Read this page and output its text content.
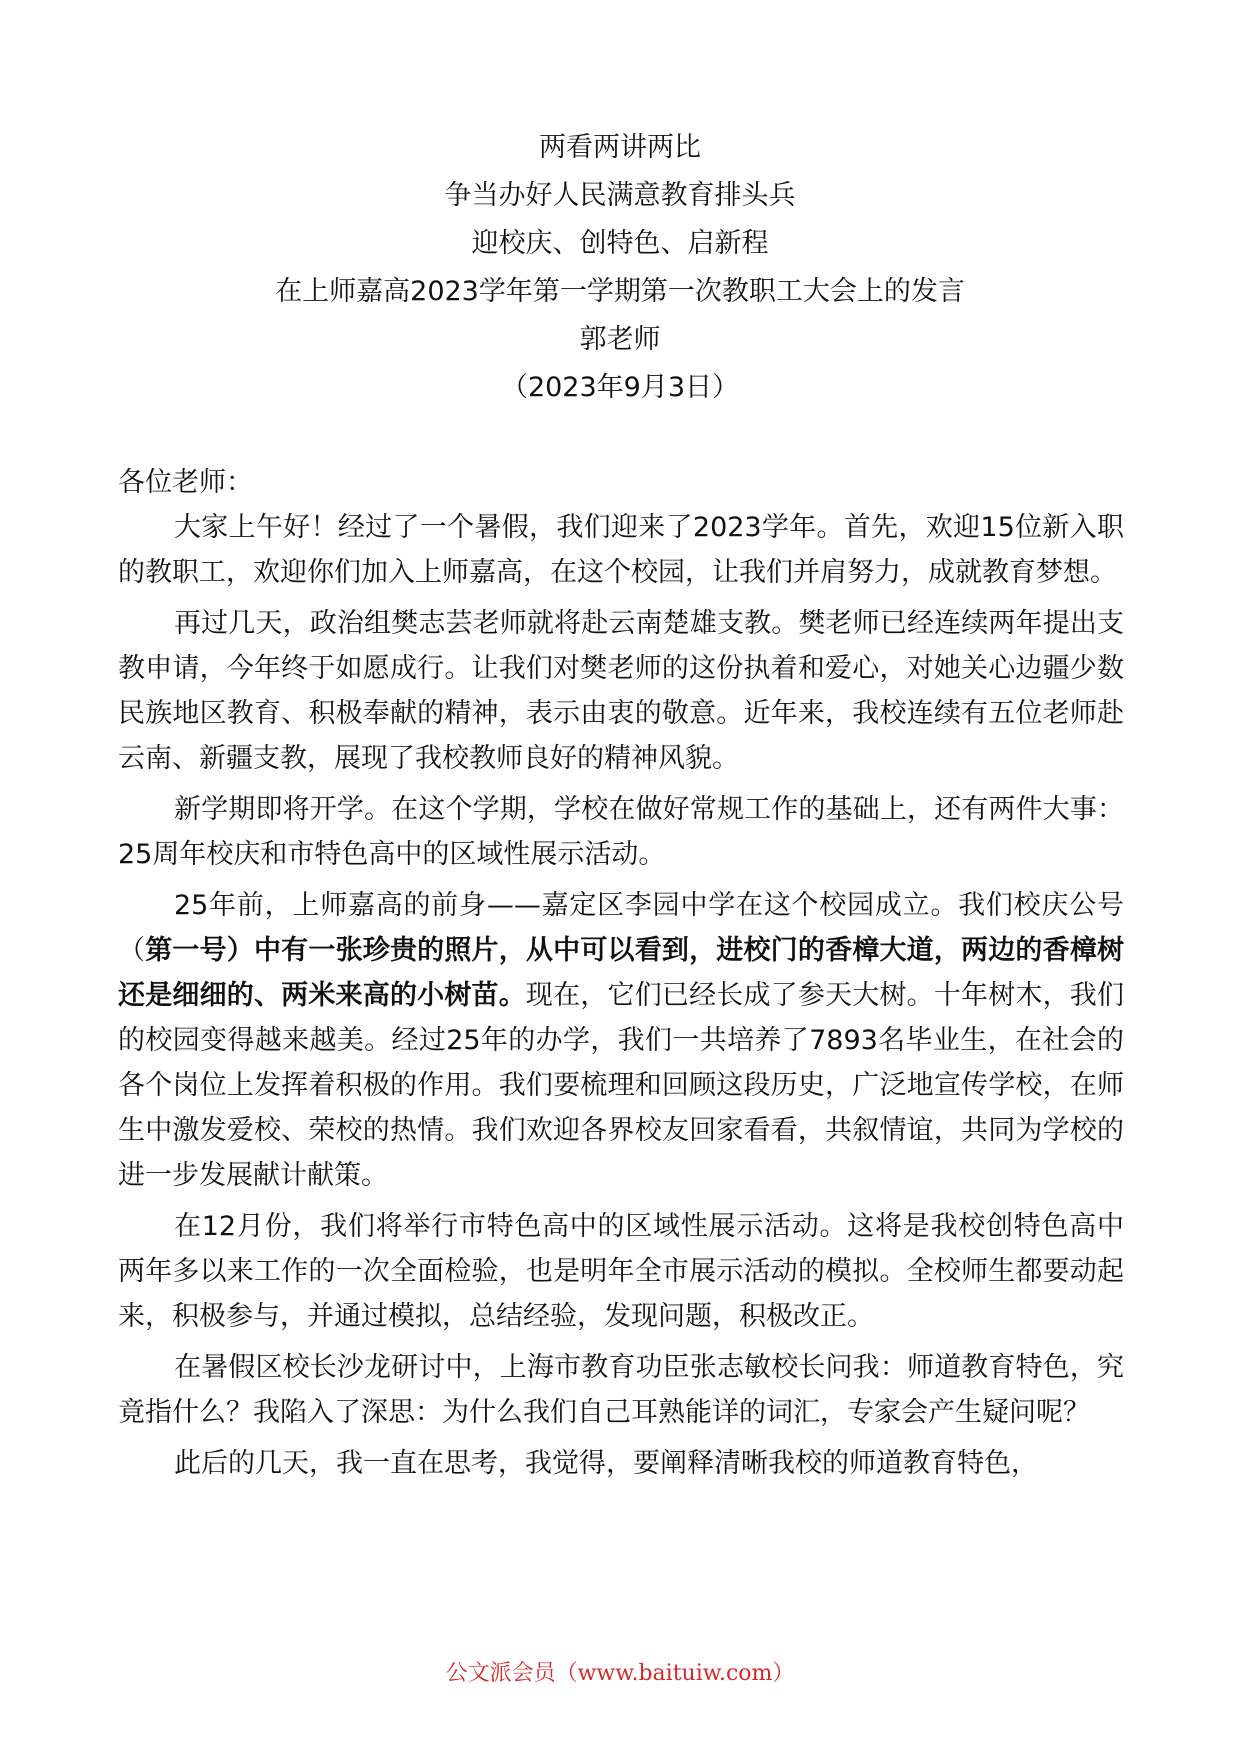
两看两讲两比
争当办好人民满意教育排头兵
迎校庆、创特色、启新程
在上师嘉高2023学年第一学期第一次教职工大会上的发言
郭老师
（2023年9月3日）

各位老师：

大家上午好！经过了一个暑假，我们迎来了2023学年。首先，欢迎15位新入职的教职工，欢迎你们加入上师嘉高，在这个校园，让我们并肩努力，成就教育梦想。

再过几天，政治组樊志芸老师就将赴云南楚雄支教。樊老师已经连续两年提出支教申请，今年终于如愿成行。让我们对樊老师的这份执着和爱心，对她关心边疆少数民族地区教育、积极奉献的精神，表示由衷的敬意。近年来，我校连续有五位老师赴云南、新疆支教，展现了我校教师良好的精神风貌。

新学期即将开学。在这个学期，学校在做好常规工作的基础上，还有两件大事：25周年校庆和市特色高中的区域性展示活动。

25年前，上师嘉高的前身——嘉定区李园中学在这个校园成立。我们校庆公号（第一号）中有一张珍贵的照片，从中可以看到，进校门的香樟大道，两边的香樟树还是细细的、两米来高的小树苗。现在，它们已经长成了参天大树。十年树木，我们的校园变得越来越美。经过25年的办学，我们一共培养了7893名毕业生，在社会的各个岗位上发挥着积极的作用。我们要梳理和回顾这段历史，广泛地宣传学校，在师生中激发爱校、荣校的热情。我们欢迎各界校友回家看看，共叙情谊，共同为学校的进一步发展献计献策。

在12月份，我们将举行市特色高中的区域性展示活动。这将是我校创特色高中两年多以来工作的一次全面检验，也是明年全市展示活动的模拟。全校师生都要动起来，积极参与，并通过模拟，总结经验，发现问题，积极改正。

在暑假区校长沙龙研讨中，上海市教育功臣张志敏校长问我：师道教育特色，究竟指什么？我陷入了深思：为什么我们自己耳熟能详的词汇，专家会产生疑问呢？

此后的几天，我一直在思考，我觉得，要阐释清晰我校的师道教育特色，

公文派会员（www.baituiw.com）
